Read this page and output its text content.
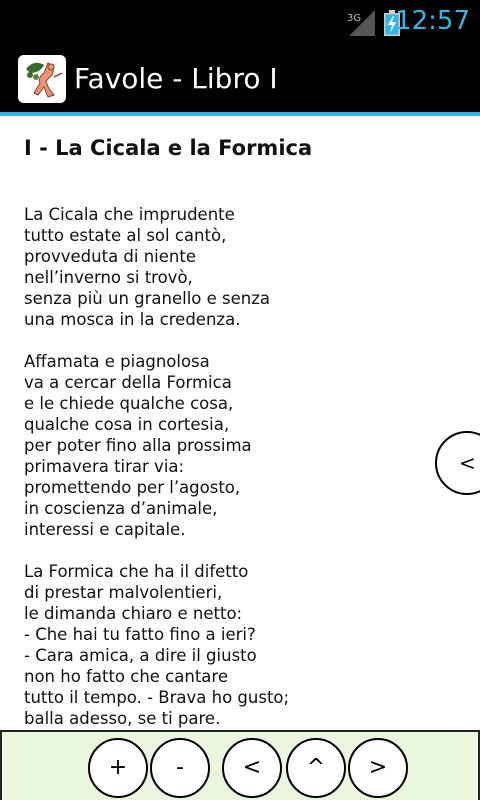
3G 12:57
Favole - Libro I
I - La Cicala e la Formica
La Cicala che imprudente
tutto estate al sol cantò,
provveduta di niente
nell’inverno si trovò,
senza più un granello e senza
una mosca in la credenza.
Affamata e piagnolosa
va a cercar della Formica
e le chiede qualche cosa,
qualche cosa in cortesia,
per poter fino alla prossima
primavera tirar via:
promettendo per l’agosto,
in coscienza d’animale,
interessi e capitale.
La Formica che ha il difetto
di prestar malvolentieri,
le dimanda chiaro e netto:
- Che hai tu fatto fino a ieri?
- Cara amica, a dire il giusto
non ho fatto che cantare
tutto il tempo. - Brava ho gusto;
balla adesso, se ti pare.
<
+	-	<	^	>
